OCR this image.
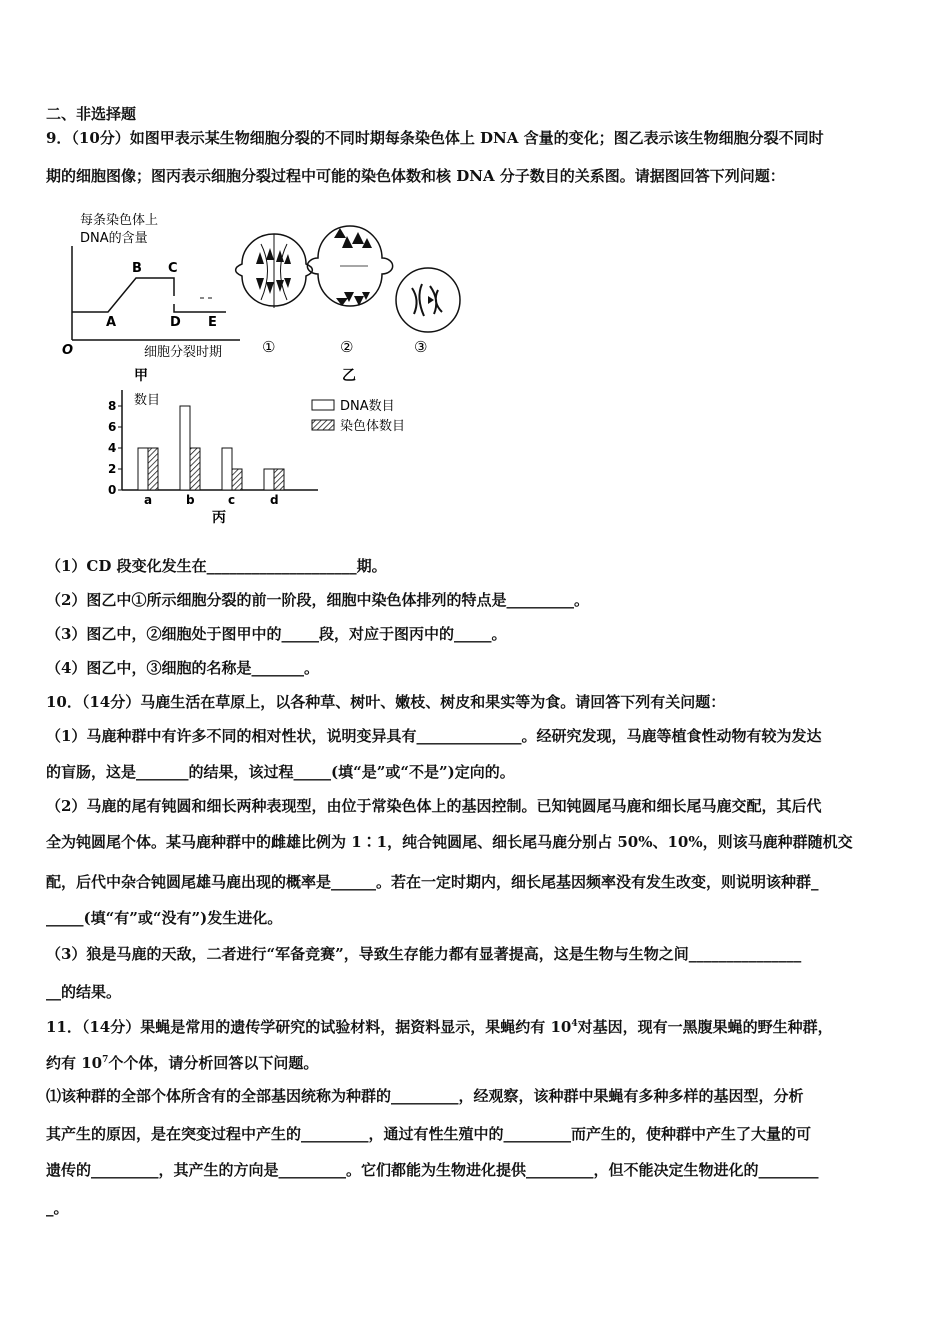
二、非选择题
9．（10分）如图甲表示某生物细胞分裂的不同时期每条染色体上 DNA 含量的变化；图乙表示该生物细胞分裂不同时
期的细胞图像；图丙表示细胞分裂过程中可能的染色体数和核 DNA 分子数目的关系图。请据图回答下列问题：
每条染色体上
DNA的含量
A
B C
D E
O	细胞分裂时期
甲
①	②	③
乙
数目
0
2
4
6
8
a	b	c	d
丙
DNA数目
染色体数目
（1）CD 段变化发生在____________________期。
（2）图乙中①所示细胞分裂的前一阶段，细胞中染色体排列的特点是_________。
（3）图乙中，②细胞处于图甲中的_____段，对应于图丙中的_____。
（4）图乙中，③细胞的名称是_______。
10．（14分）马鹿生活在草原上，以各种草、树叶、嫩枝、树皮和果实等为食。请回答下列有关问题：
（1）马鹿种群中有许多不同的相对性状，说明变异具有______________。经研究发现，马鹿等植食性动物有较为发达
的盲肠，这是_______的结果，该过程_____(填“是”或“不是”)定向的。
（2）马鹿的尾有钝圆和细长两种表现型，由位于常染色体上的基因控制。已知钝圆尾马鹿和细长尾马鹿交配，其后代
全为钝圆尾个体。某马鹿种群中的雌雄比例为 1∶1，纯合钝圆尾、细长尾马鹿分别占 50%、10%，则该马鹿种群随机交
配，后代中杂合钝圆尾雄马鹿出现的概率是______。若在一定时期内，细长尾基因频率没有发生改变，则说明该种群_
_____(填“有”或“没有”)发生进化。
（3）狼是马鹿的天敌，二者进行“军备竞赛”，导致生存能力都有显著提高，这是生物与生物之间_______________
__的结果。
11．（14分）果蝇是常用的遗传学研究的试验材料，据资料显示，果蝇约有 $10^4$对基因，现有一黑腹果蝇的野生种群，
约有 $10^7$个个体，请分析回答以下问题。
⑴该种群的全部个体所含有的全部基因统称为种群的_________，经观察，该种群中果蝇有多种多样的基因型，分析
其产生的原因，是在突变过程中产生的_________，通过有性生殖中的_________而产生的，使种群中产生了大量的可
遗传的_________，其产生的方向是_________。它们都能为生物进化提供_________，但不能决定生物进化的________
_。
